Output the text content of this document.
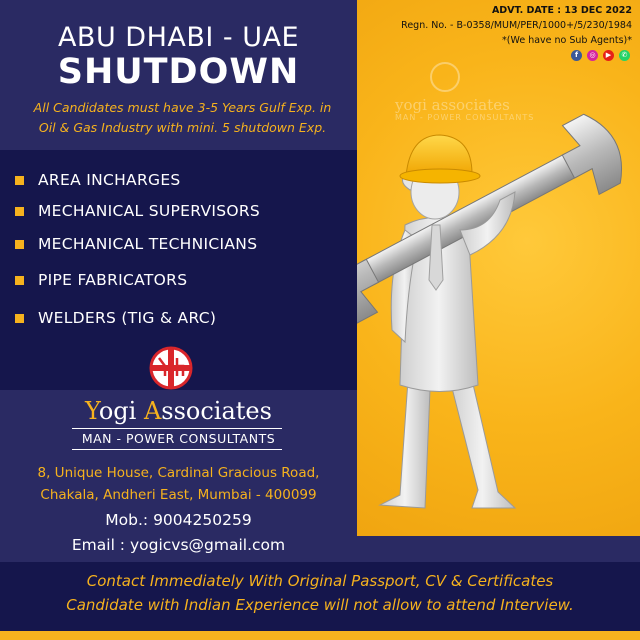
yogi associates
MAN - POWER CONSULTANTS
ADVT. DATE : 13 DEC 2022
Regn. No. - B-0358/MUM/PER/1000+/5/230/1984
*(We have no Sub Agents)*
f	◎	▶	✆
ABU DHABI - UAE
SHUTDOWN
All Candidates must have 3-5 Years Gulf Exp. in
Oil & Gas Industry with mini. 5 shutdown Exp.
AREA INCHARGES
MECHANICAL SUPERVISORS
MECHANICAL TECHNICIANS
PIPE FABRICATORS
WELDERS (TIG & ARC)
Yogi Associates
MAN - POWER CONSULTANTS
8, Unique House, Cardinal Gracious Road,
Chakala, Andheri East, Mumbai - 400099
Mob.: 9004250259
Email : yogicvs@gmail.com
Contact Immediately With Original Passport, CV & Certificates
Candidate with Indian Experience will not allow to attend Interview.
